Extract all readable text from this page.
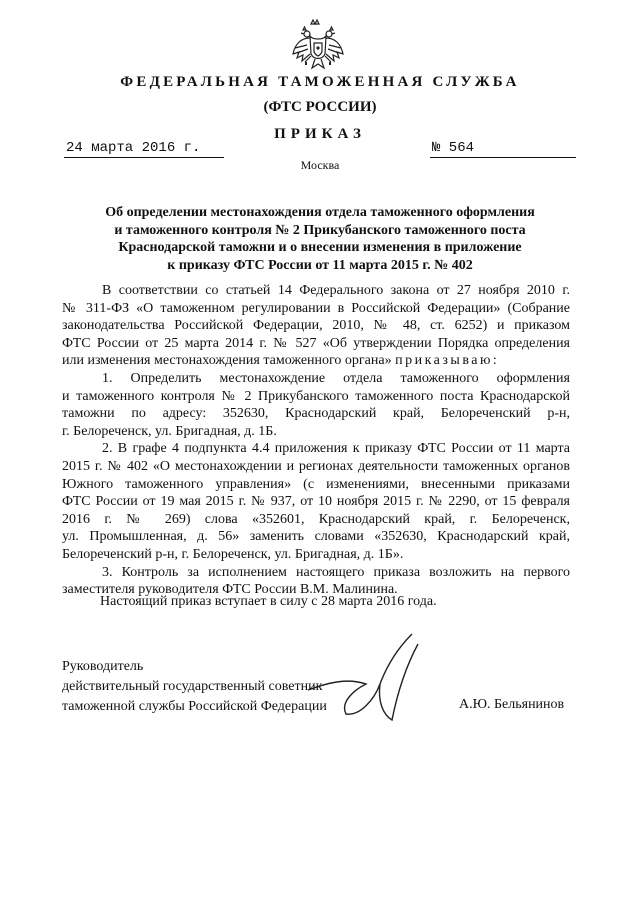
ФЕДЕРАЛЬНАЯ ТАМОЖЕННАЯ СЛУЖБА
(ФТС РОССИИ)
ПРИКАЗ
24 марта 2016 г.	№ 564
Москва
Об определении местонахождения отдела таможенного оформления
и таможенного контроля № 2 Прикубанского таможенного поста
Краснодарской таможни и о внесении изменения в приложение
к приказу ФТС России от 11 марта 2015 г. № 402
В соответствии со статьей 14 Федерального закона от 27 ноября 2010 г.
№ 311-ФЗ «О таможенном регулировании в Российской Федерации» (Собрание
законодательства Российской Федерации, 2010, № 48, ст. 6252) и приказом
ФТС России от 25 марта 2014 г. № 527 «Об утверждении Порядка определения
или изменения местонахождения таможенного органа» приказываю:
1. Определить местонахождение отдела таможенного оформления
и таможенного контроля № 2 Прикубанского таможенного поста Краснодарской
таможни по адресу: 352630, Краснодарский край, Белореченский р-н,
г. Белореченск, ул. Бригадная, д. 1Б.
2. В графе 4 подпункта 4.4 приложения к приказу ФТС России от 11 марта
2015 г. № 402 «О местонахождении и регионах деятельности таможенных органов
Южного таможенного управления» (с изменениями, внесенными приказами
ФТС России от 19 мая 2015 г. № 937, от 10 ноября 2015 г. № 2290, от 15 февраля
2016 г. № 269) слова «352601, Краснодарский край, г. Белореченск,
ул. Промышленная, д. 56» заменить словами «352630, Краснодарский край,
Белореченский р-н, г. Белореченск, ул. Бригадная, д. 1Б».
3. Контроль за исполнением настоящего приказа возложить на первого
заместителя руководителя ФТС России В.М. Малинина.
Настоящий приказ вступает в силу с 28 марта 2016 года.
Руководитель
действительный государственный советник
таможенной службы Российской Федерации	А.Ю. Бельянинов
